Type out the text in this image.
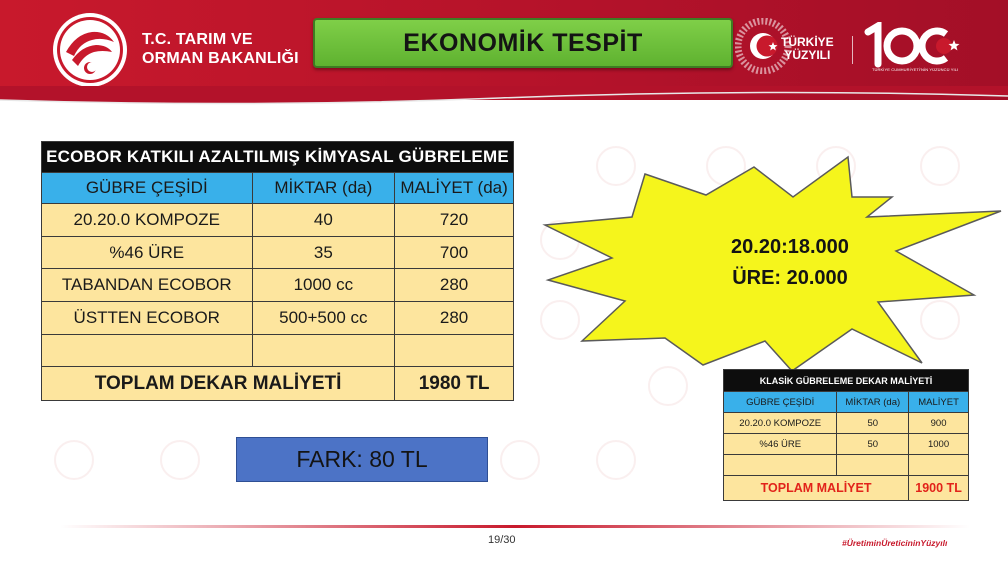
T.C. TARIM VE
ORMAN BAKANLIĞI
EKONOMİK TESPİT	TÜRKİYE
YÜZYILI
TÜRKİYE CUMHURİYETİ'NİN YÜZÜNCÜ YILI
ECOBOR KATKILI AZALTILMIŞ KİMYASAL GÜBRELEME		
GÜBRE ÇEŞİDİ	MİKTAR (da)	MALİYET (da)
20.20.0 KOMPOZE	40	720
%46 ÜRE	35	700
TABANDAN ECOBOR	1000 cc	280
ÜSTTEN ECOBOR	500+500 cc	280

TOPLAM DEKAR MALİYETİ		1980 TL
20.20:18.000
ÜRE: 20.000
KLASİK GÜBRELEME DEKAR MALİYETİ		
GÜBRE ÇEŞİDİ	MİKTAR (da)	MALİYET
20.20.0 KOMPOZE	50	900
%46 ÜRE	50	1000

TOPLAM MALİYET		1900 TL
FARK: 80 TL
19/30	#ÜretiminÜreticininYüzyılı
